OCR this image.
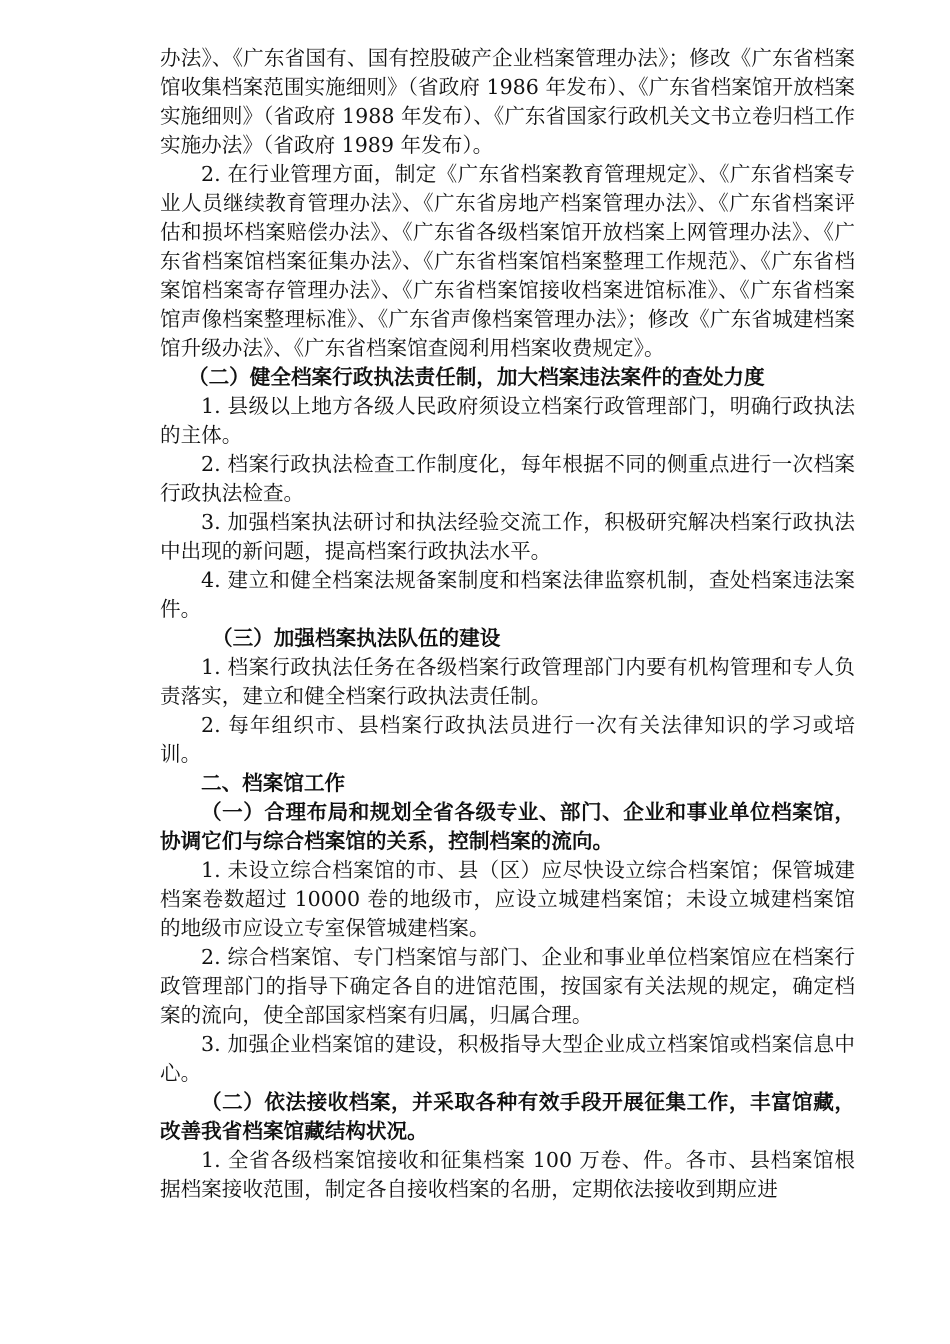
办法》、《广东省国有、国有控股破产企业档案管理办法》；修改《广东省档案馆收集档案范围实施细则》（省政府 1986 年发布）、《广东省档案馆开放档案实施细则》（省政府 1988 年发布）、《广东省国家行政机关文书立卷归档工作实施办法》（省政府 1989 年发布）。

2. 在行业管理方面，制定《广东省档案教育管理规定》、《广东省档案专业人员继续教育管理办法》、《广东省房地产档案管理办法》、《广东省档案评估和损坏档案赔偿办法》、《广东省各级档案馆开放档案上网管理办法》、《广东省档案馆档案征集办法》、《广东省档案馆档案整理工作规范》、《广东省档案馆档案寄存管理办法》、《广东省档案馆接收档案进馆标准》、《广东省档案馆声像档案整理标准》、《广东省声像档案管理办法》；修改《广东省城建档案馆升级办法》、《广东省档案馆查阅利用档案收费规定》。

（二）健全档案行政执法责任制，加大档案违法案件的查处力度

1. 县级以上地方各级人民政府须设立档案行政管理部门，明确行政执法的主体。

2. 档案行政执法检查工作制度化，每年根据不同的侧重点进行一次档案行政执法检查。

3. 加强档案执法研讨和执法经验交流工作，积极研究解决档案行政执法中出现的新问题，提高档案行政执法水平。

4. 建立和健全档案法规备案制度和档案法律监察机制，查处档案违法案件。

（三）加强档案执法队伍的建设

1. 档案行政执法任务在各级档案行政管理部门内要有机构管理和专人负责落实，建立和健全档案行政执法责任制。

2. 每年组织市、县档案行政执法员进行一次有关法律知识的学习或培训。

二、档案馆工作

（一）合理布局和规划全省各级专业、部门、企业和事业单位档案馆，协调它们与综合档案馆的关系，控制档案的流向。

1. 未设立综合档案馆的市、县（区）应尽快设立综合档案馆；保管城建档案卷数超过 10000 卷的地级市，应设立城建档案馆；未设立城建档案馆的地级市应设立专室保管城建档案。

2. 综合档案馆、专门档案馆与部门、企业和事业单位档案馆应在档案行政管理部门的指导下确定各自的进馆范围，按国家有关法规的规定，确定档案的流向，使全部国家档案有归属，归属合理。

3. 加强企业档案馆的建设，积极指导大型企业成立档案馆或档案信息中心。

（二）依法接收档案，并采取各种有效手段开展征集工作，丰富馆藏，改善我省档案馆藏结构状况。

1. 全省各级档案馆接收和征集档案 100 万卷、件。各市、县档案馆根据档案接收范围，制定各自接收档案的名册，定期依法接收到期应进
